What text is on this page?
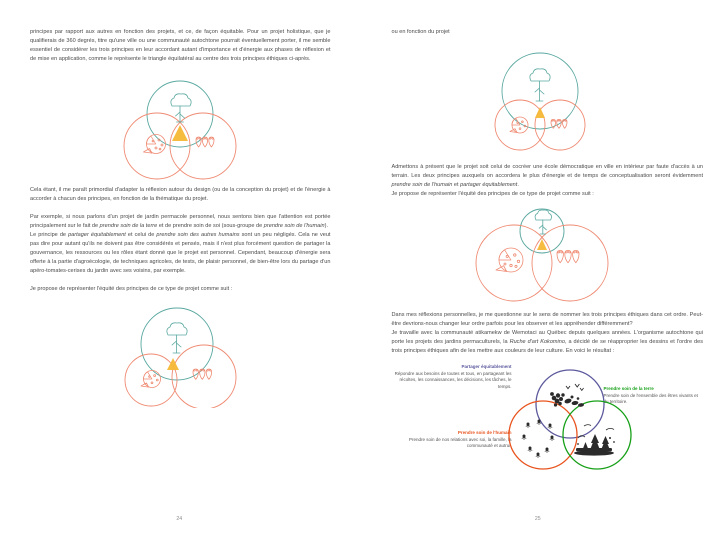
principes par rapport aux autres en fonction des projets, et ce, de façon équitable. Pour un projet holistique, que je qualifierais de 360 degrés, titre qu'une ville ou une communauté autochtone pourrait éventuellement porter, il me semble essentiel de considérer les trois principes en leur accordant autant d'importance et d'énergie aux phases de réflexion et de mise en application, comme le représente le triangle équilatéral au centre des trois principes éthiques ci-après.

Cela étant, il me paraît primordial d'adapter la réflexion autour du design (ou de la conception du projet) et de l'énergie à accorder à chacun des principes, en fonction de la thématique du projet.

Par exemple, si nous parlons d'un projet de jardin permacole personnel, nous sentons bien que l'attention est portée principalement sur le fait de prendre soin de la terre et de prendre soin de soi (sous-groupe de prendre soin de l'humain).

Le principe de partager équitablement et celui de prendre soin des autres humains sont un peu négligés. Cela ne veut pas dire pour autant qu'ils ne doivent pas être considérés et pensés, mais il n'est plus forcément question de partager la gouvernance, les ressources ou les rôles étant donné que le projet est personnel. Cependant, beaucoup d'énergie sera offerte à la partie d'agroécologie, de techniques agricoles, de tests, de plaisir personnel, de bien-être lors du partage d'un apéro-tomates-cerises du jardin avec ses voisins, par exemple.

Je propose de représenter l'équité des principes de ce type de projet comme suit :

24

ou en fonction du projet

Admettons à présent que le projet soit celui de cocréer une école démocratique en ville en intérieur par faute d'accès à un terrain. Les deux principes auxquels on accordera le plus d'énergie et de temps de conceptualisation seront évidemment prendre soin de l'humain et partager équitablement.

Je propose de représenter l'équité des principes de ce type de projet comme suit :

Dans mes réflexions personnelles, je me questionne sur le sens de nommer les trois principes éthiques dans cet ordre. Peut-être devrions-nous changer leur ordre parfois pour les observer et les appréhender différemment?

Je travaille avec la communauté atikamekw de Wemotaci au Québec depuis quelques années. L'organisme autochtone qui porte les projets des jardins permaculturels, la Ruche d'art Kokomino, a décidé de se réapproprier les dessins et l'ordre des trois principes éthiques afin de les mettre aux couleurs de leur culture. En voici le résultat :

Partager équitablement
Répondre aux besoins de toutes et tous, en partageant les récoltes, les connaissances, les décisions, les tâches, le temps.
Prendre soin de l'humain
Prendre soin de nos relations avec soi, la famille, la communauté et autrui.
Prendre soin de la terre
Prendre soin de l'ensemble des êtres vivants et du territoire.
25
